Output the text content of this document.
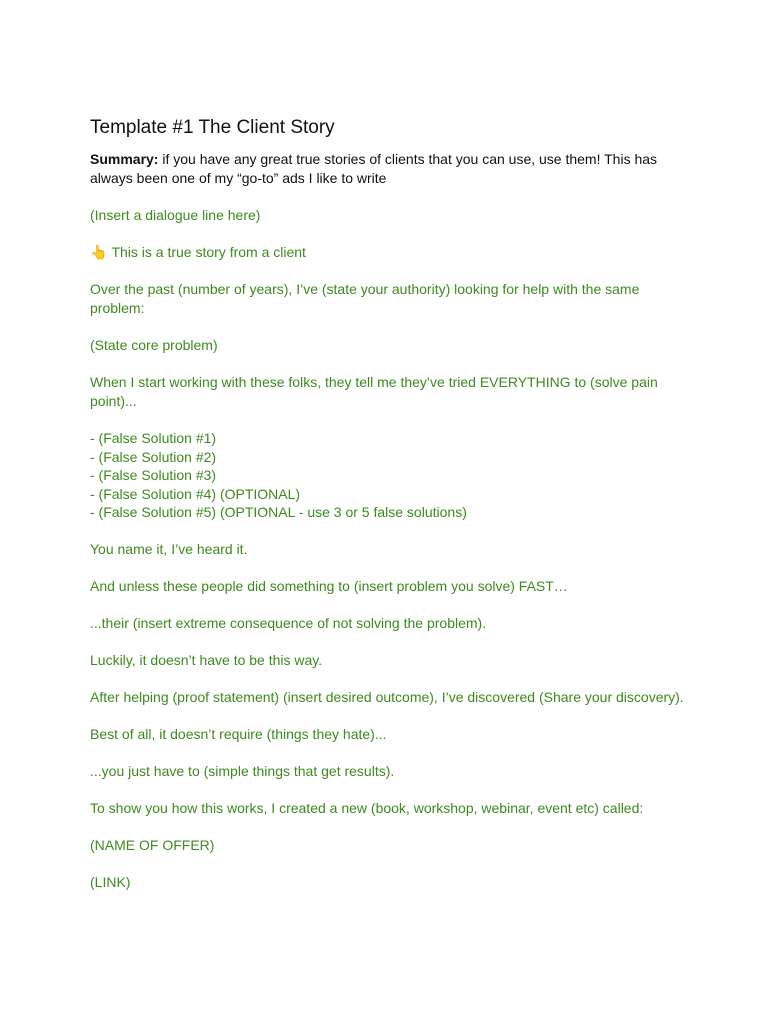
Template #1 The Client Story

Summary: if you have any great true stories of clients that you can use, use them! This has always been one of my “go-to” ads I like to write

(Insert a dialogue line here)

👆 This is a true story from a client

Over the past (number of years), I’ve (state your authority) looking for help with the same problem:

(State core problem)

When I start working with these folks, they tell me they’ve tried EVERYTHING to (solve pain point)...

- (False Solution #1)
- (False Solution #2)
- (False Solution #3)
- (False Solution #4) (OPTIONAL)
- (False Solution #5) (OPTIONAL - use 3 or 5 false solutions)

You name it, I’ve heard it.

And unless these people did something to (insert problem you solve) FAST…

...their (insert extreme consequence of not solving the problem).

Luckily, it doesn’t have to be this way.

After helping (proof statement) (insert desired outcome), I’ve discovered (Share your discovery).

Best of all, it doesn’t require (things they hate)...

...you just have to (simple things that get results).

To show you how this works, I created a new (book, workshop, webinar, event etc) called:

(NAME OF OFFER)

(LINK)
